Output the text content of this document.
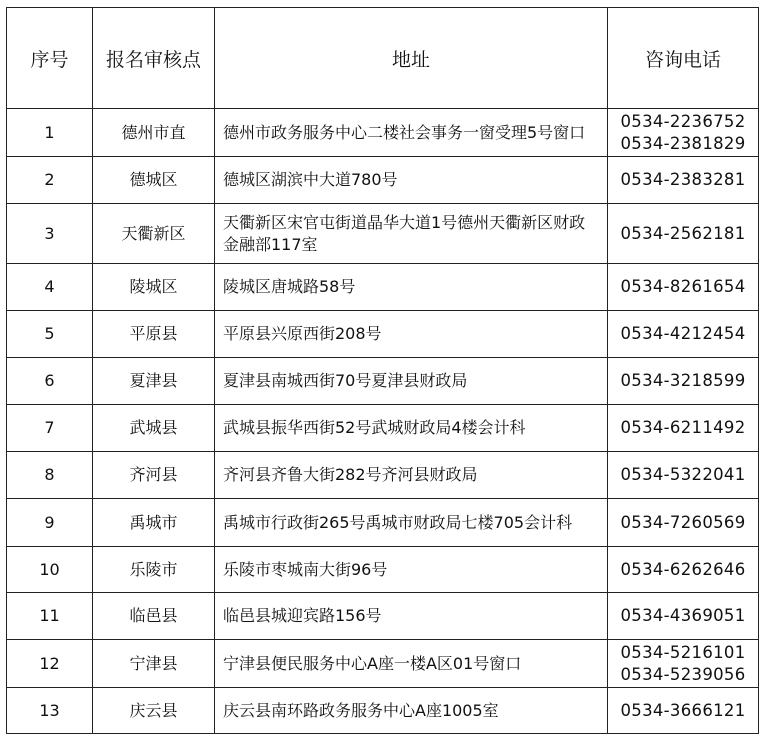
序号	报名审核点	地址	咨询电话
1	德州市直	德州市政务服务中心二楼社会事务一窗受理5号窗口	0534-2236752
0534-2381829

2	德城区	德城区湖滨中大道780号	0534-2383281

3	天衢新区	天衢新区宋官屯街道晶华大道1号德州天衢新区财政金融部117室	0534-2562181

4	陵城区	陵城区唐城路58号	0534-8261654

5	平原县	平原县兴原西街208号	0534-4212454

6	夏津县	夏津县南城西街70号夏津县财政局	0534-3218599

7	武城县	武城县振华西街52号武城财政局4楼会计科	0534-6211492

8	齐河县	齐河县齐鲁大街282号齐河县财政局	0534-5322041

9	禹城市	禹城市行政街265号禹城市财政局七楼705会计科	0534-7260569

10	乐陵市	乐陵市枣城南大街96号	0534-6262646

11	临邑县	临邑县城迎宾路156号	0534-4369051

12	宁津县	宁津县便民服务中心A座一楼A区01号窗口	0534-5216101
0534-5239056

13	庆云县	庆云县南环路政务服务中心A座1005室	0534-3666121
